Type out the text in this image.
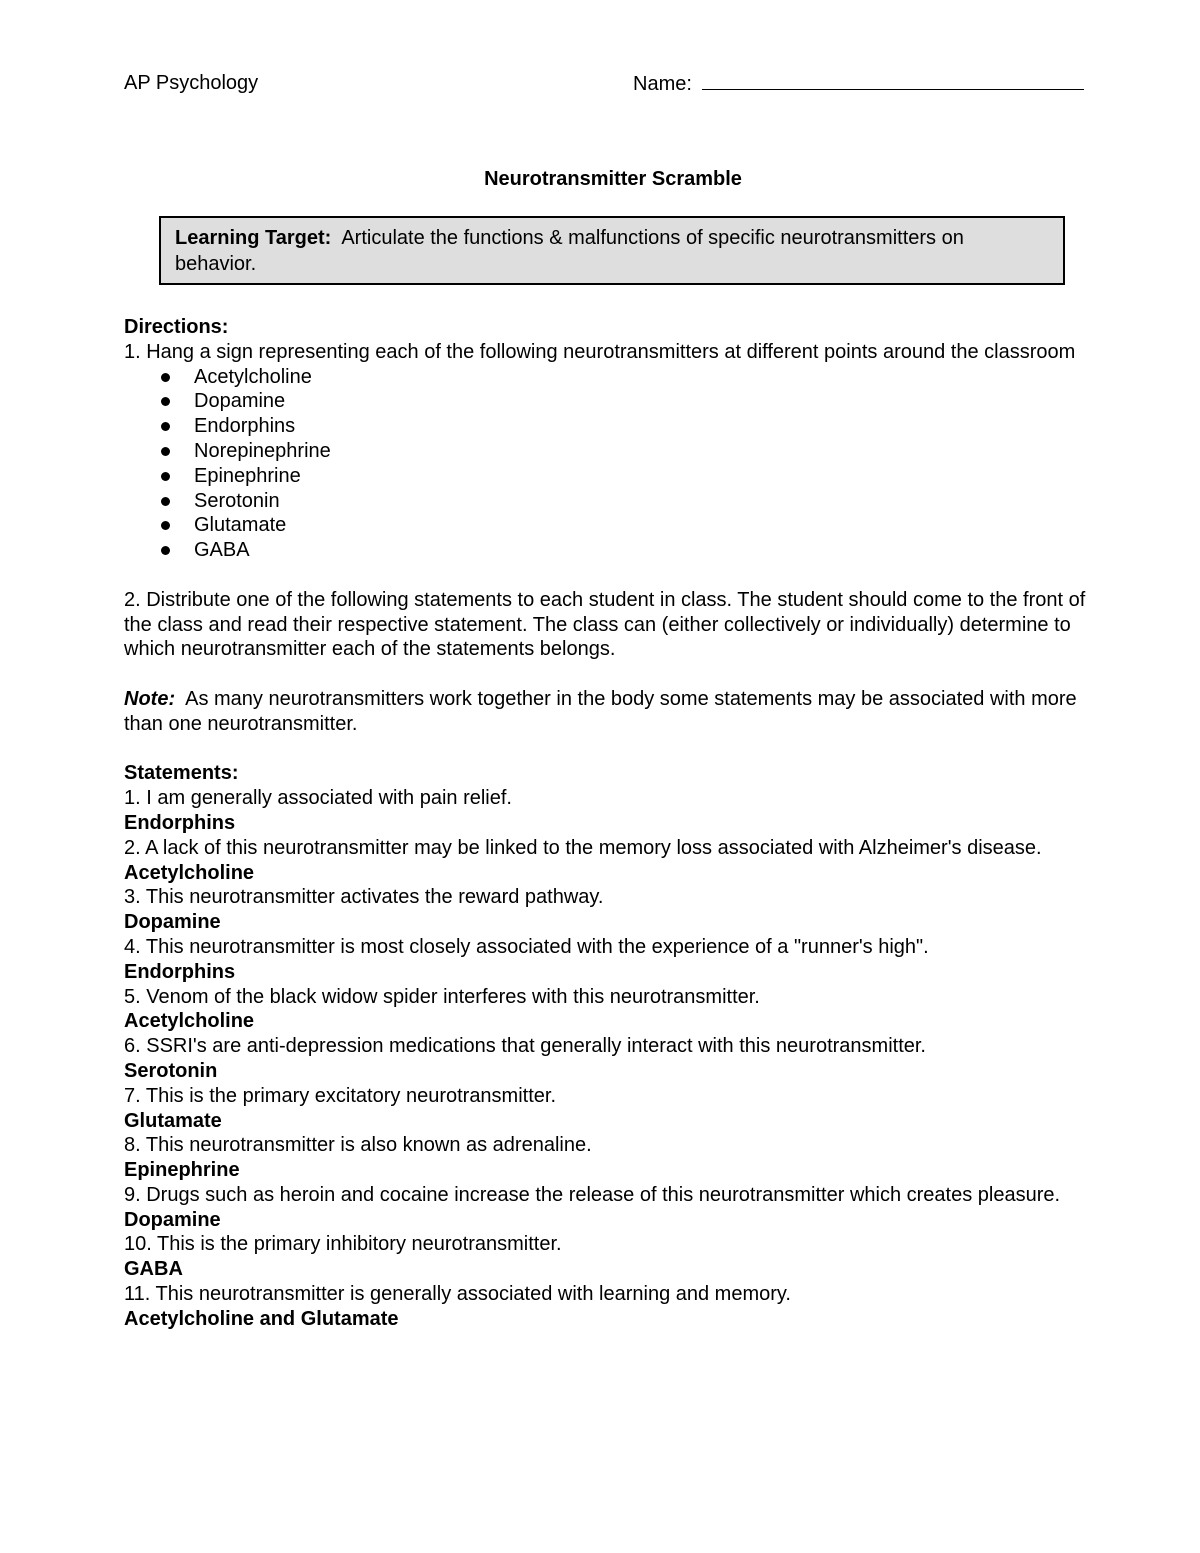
AP Psychology	Name:
Neurotransmitter Scramble
Learning Target: Articulate the functions & malfunctions of specific neurotransmitters on behavior.

Directions:

1. Hang a sign representing each of the following neurotransmitters at different points around the classroom

Acetylcholine
Dopamine
Endorphins
Norepinephrine
Epinephrine
Serotonin
Glutamate
GABA

2. Distribute one of the following statements to each student in class. The student should come to the front of the class and read their respective statement. The class can (either collectively or individually) determine to which neurotransmitter each of the statements belongs.

Note: As many neurotransmitters work together in the body some statements may be associated with more than one neurotransmitter.

Statements:

1. I am generally associated with pain relief.

Endorphins

2. A lack of this neurotransmitter may be linked to the memory loss associated with Alzheimer's disease.

Acetylcholine

3. This neurotransmitter activates the reward pathway.

Dopamine

4. This neurotransmitter is most closely associated with the experience of a "runner's high".

Endorphins

5. Venom of the black widow spider interferes with this neurotransmitter.

Acetylcholine

6. SSRI's are anti-depression medications that generally interact with this neurotransmitter.

Serotonin

7. This is the primary excitatory neurotransmitter.

Glutamate

8. This neurotransmitter is also known as adrenaline.

Epinephrine

9. Drugs such as heroin and cocaine increase the release of this neurotransmitter which creates pleasure.

Dopamine

10. This is the primary inhibitory neurotransmitter.

GABA

11. This neurotransmitter is generally associated with learning and memory.

Acetylcholine and Glutamate
